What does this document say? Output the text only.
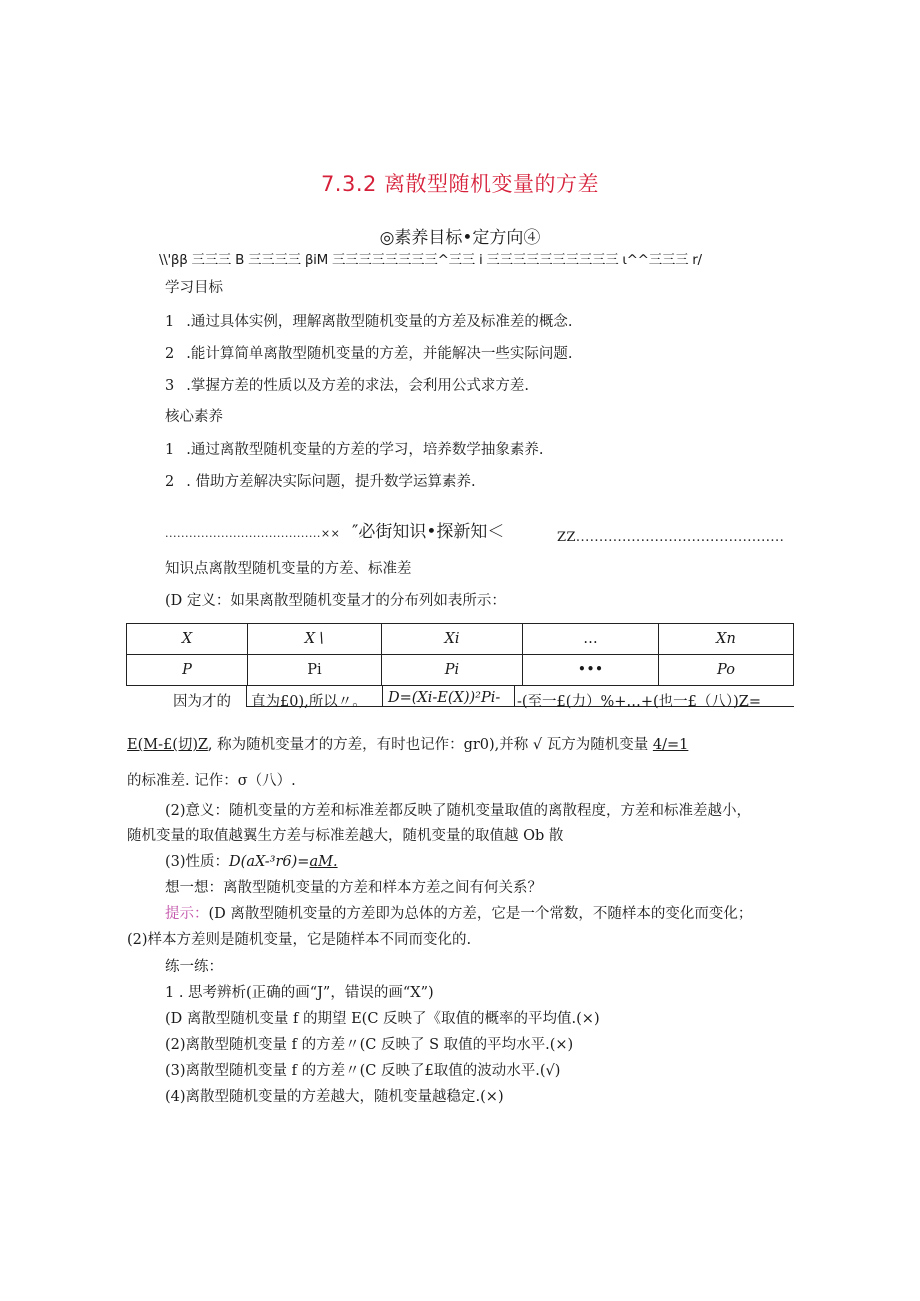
7.3.2 离散型随机变量的方差
◎素养目标•定方向④
\\'ββ 三三三 B 三三三三 βiM 三三三三三三三三^三三 i 三三三三三三三三三三 ι^^三三三 r/
学习目标
1 .通过具体实例，理解离散型随机变量的方差及标准差的概念.
2 .能计算简单离散型随机变量的方差，并能解决一些实际问题.
3 .掌握方差的性质以及方差的求法，会利用公式求方差.
核心素养
1 .通过离散型随机变量的方差的学习，培养数学抽象素养.
2 . 借助方差解决实际问题，提升数学运算素养.
.......................................×× ″必街知识•探新知＜	ZZ.............................................
知识点离散型随机变量的方差、标准差
(D 定义：如果离散型随机变量才的分布列如表所示：
X	X∖	Xi	…	Xn
P	Pi	Pi	•••	Po
因为才的 直为£0),所以〃。 D=(Xi-E(X))²Pi- -(至一£(力）%+…+(也一£（八）)Z=
E(M-£(切)Z, 称为随机变量才的方差，有时也记作：gr0),并称 √ 瓦方为随机变量 4/=1
的标准差. 记作：σ（八）.
(2)意义：随机变量的方差和标准差都反映了随机变量取值的离散程度，方差和标准差越小，
随机变量的取值越翼生方差与标准差越大，随机变量的取值越 Ob 散
(3)性质：D(aX-³r6)=aM.
想一想：离散型随机变量的方差和样本方差之间有何关系？
提示：(D 离散型随机变量的方差即为总体的方差，它是一个常数，不随样本的变化而变化；
(2)样本方差则是随机变量，它是随样本不同而变化的.
练一练：
1 . 思考辨析(正确的画“J”，错误的画“X”)
(D 离散型随机变量 f 的期望 E(C 反映了《取值的概率的平均值.(×)
(2)离散型随机变量 f 的方差〃(C 反映了 S 取值的平均水平.(×)
(3)离散型随机变量 f 的方差〃(C 反映了£取值的波动水平.(√)
(4)离散型随机变量的方差越大，随机变量越稳定.(×)
